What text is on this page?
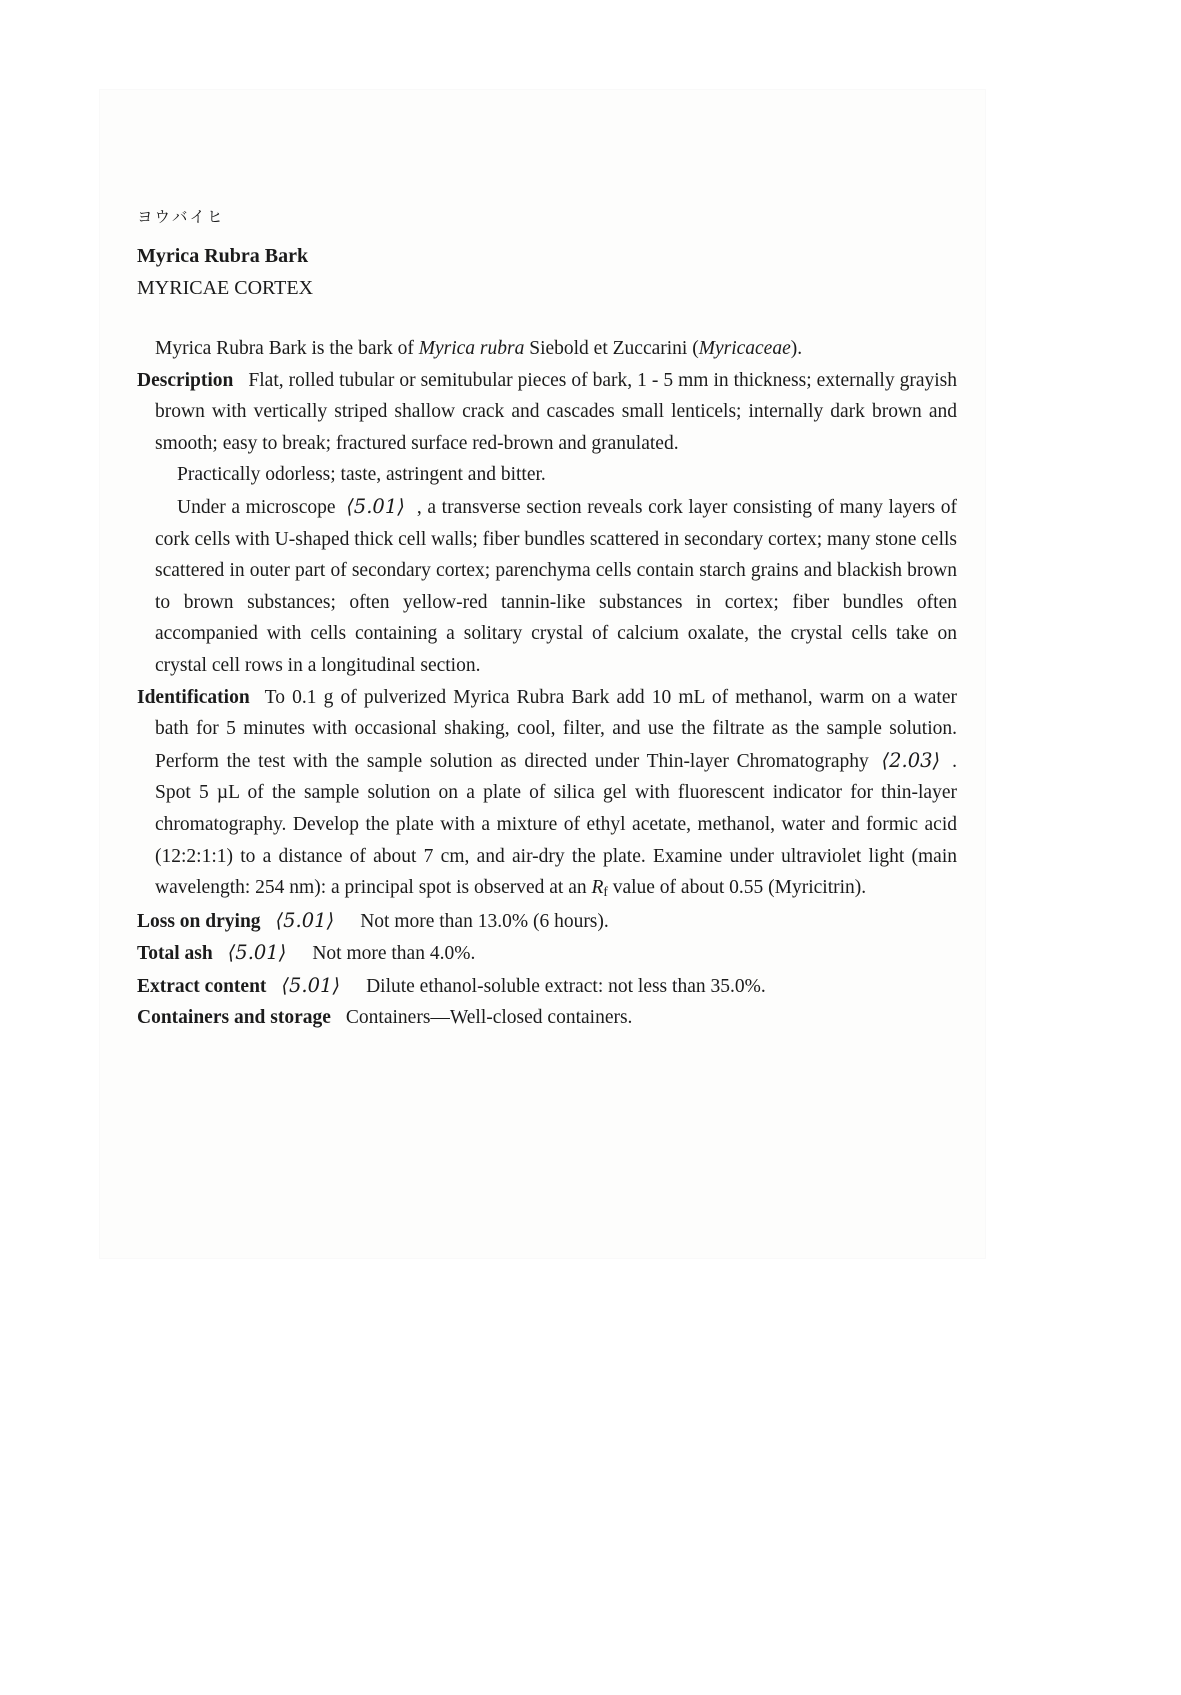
ヨウバイヒ
Myrica Rubra Bark
MYRICAE CORTEX

Myrica Rubra Bark is the bark of Myrica rubra Siebold et Zuccarini (Myricaceae).

Description Flat, rolled tubular or semitubular pieces of bark, 1 - 5 mm in thickness; externally grayish brown with vertically striped shallow crack and cascades small lenticels; internally dark brown and smooth; easy to break; fractured surface red-brown and granulated.

Practically odorless; taste, astringent and bitter.

Under a microscope ⟨5.01⟩ , a transverse section reveals cork layer consisting of many layers of cork cells with U-shaped thick cell walls; fiber bundles scattered in secondary cortex; many stone cells scattered in outer part of secondary cortex; parenchyma cells contain starch grains and blackish brown to brown substances; often yellow-red tannin-like substances in cortex; fiber bundles often accompanied with cells containing a solitary crystal of calcium oxalate, the crystal cells take on crystal cell rows in a longitudinal section.

Identification To 0.1 g of pulverized Myrica Rubra Bark add 10 mL of methanol, warm on a water bath for 5 minutes with occasional shaking, cool, filter, and use the filtrate as the sample solution. Perform the test with the sample solution as directed under Thin-layer Chromatography ⟨2.03⟩ . Spot 5 µL of the sample solution on a plate of silica gel with fluorescent indicator for thin-layer chromatography. Develop the plate with a mixture of ethyl acetate, methanol, water and formic acid (12:2:1:1) to a distance of about 7 cm, and air-dry the plate. Examine under ultraviolet light (main wavelength: 254 nm): a principal spot is observed at an $R_f$ value of about 0.55 (Myricitrin).

Loss on drying ⟨5.01⟩ Not more than 13.0% (6 hours).

Total ash ⟨5.01⟩ Not more than 4.0%.

Extract content ⟨5.01⟩ Dilute ethanol-soluble extract: not less than 35.0%.

Containers and storage Containers—Well-closed containers.
